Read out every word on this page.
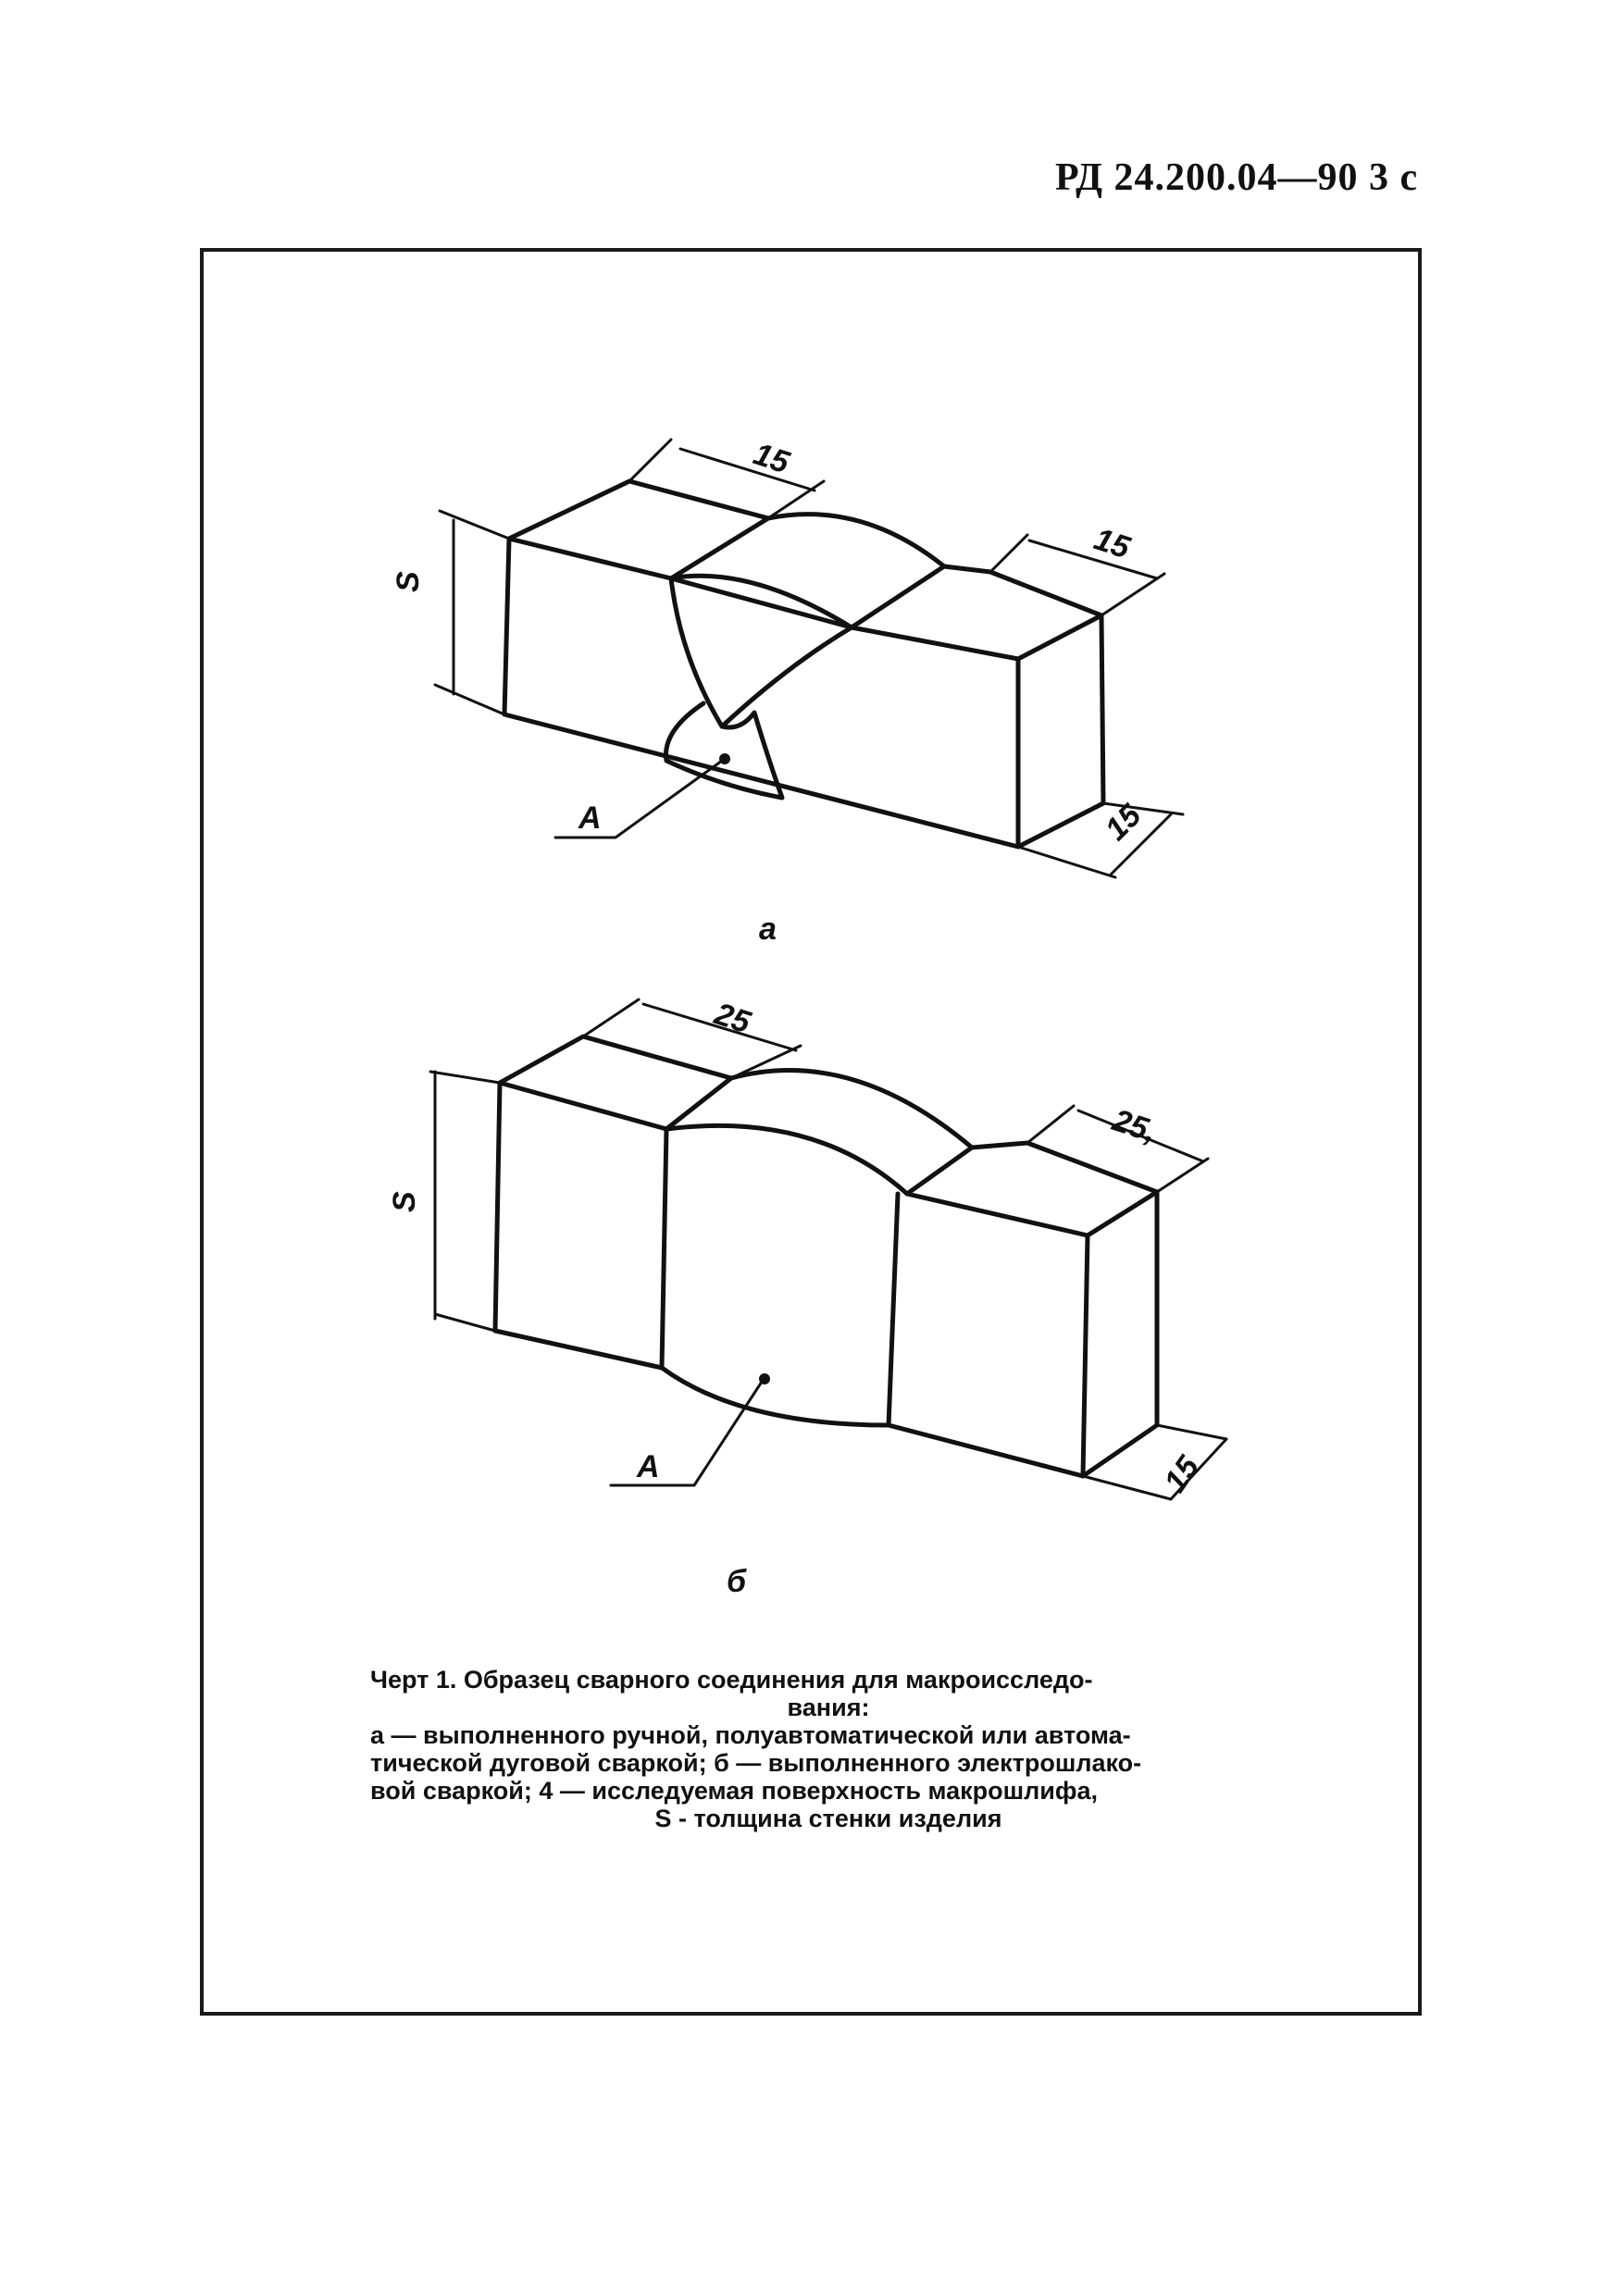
РД 24.200.04—90 3 с
15
15
15
S
A
а
25
25,
15
S
A
б
Черт 1. Образец сварного соединения для макроисследо-
вания:
а — выполненного ручной, полуавтоматической или автома-
тической дуговой сваркой; б — выполненного электрошлако-
вой сваркой; 4 — исследуемая поверхность макрошлифа,
S - толщина стенки изделия
